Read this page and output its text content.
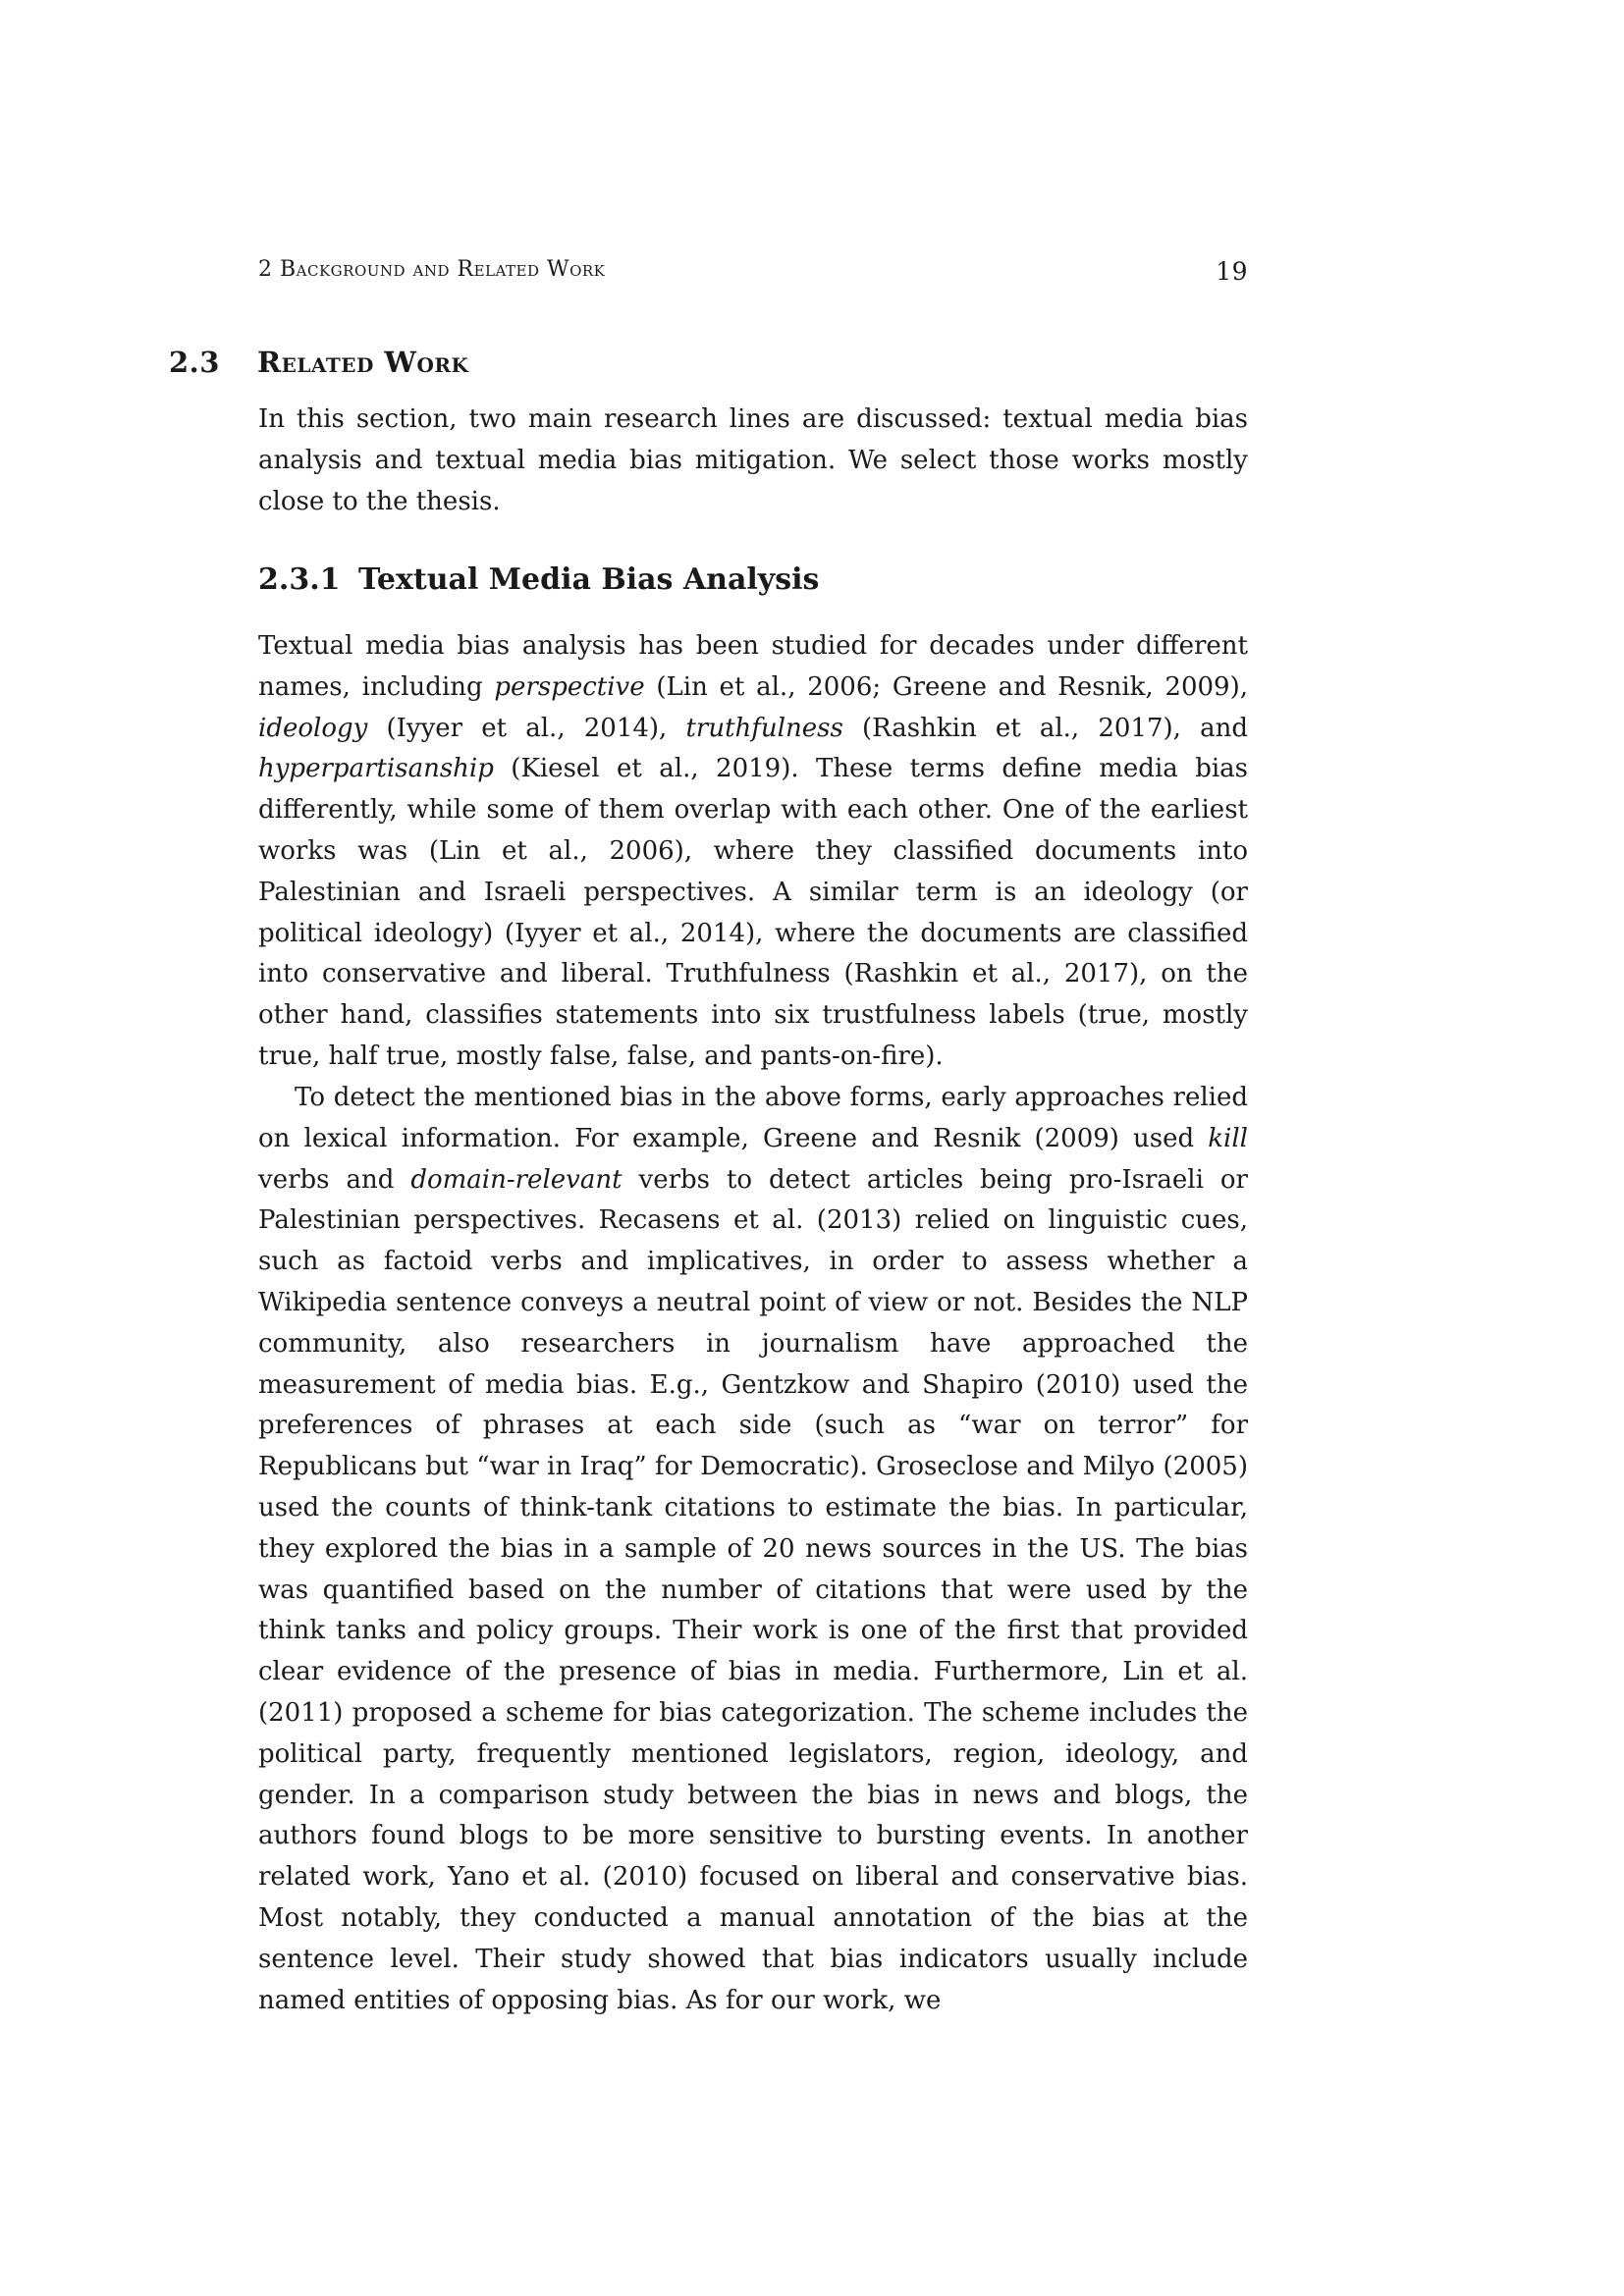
2 Background and Related Work	19
2.3 Related Work

In this section, two main research lines are discussed: textual media bias analysis and textual media bias mitigation. We select those works mostly close to the thesis.

2.3.1 Textual Media Bias Analysis

Textual media bias analysis has been studied for decades under different names, including perspective (Lin et al., 2006; Greene and Resnik, 2009), ideology (Iyyer et al., 2014), truthfulness (Rashkin et al., 2017), and hyperpartisanship (Kiesel et al., 2019). These terms define media bias differently, while some of them overlap with each other. One of the earliest works was (Lin et al., 2006), where they classified documents into Palestinian and Israeli perspectives. A similar term is an ideology (or political ideology) (Iyyer et al., 2014), where the documents are classified into conservative and liberal. Truthfulness (Rashkin et al., 2017), on the other hand, classifies statements into six trustfulness labels (true, mostly true, half true, mostly false, false, and pants-on-fire).

To detect the mentioned bias in the above forms, early approaches relied on lexical information. For example, Greene and Resnik (2009) used kill verbs and domain-relevant verbs to detect articles being pro-Israeli or Palestinian perspectives. Recasens et al. (2013) relied on linguistic cues, such as factoid verbs and implicatives, in order to assess whether a Wikipedia sentence conveys a neutral point of view or not. Besides the NLP community, also researchers in journalism have approached the measurement of media bias. E.g., Gentzkow and Shapiro (2010) used the preferences of phrases at each side (such as “war on terror” for Republicans but “war in Iraq” for Democratic). Groseclose and Milyo (2005) used the counts of think-tank citations to estimate the bias. In particular, they explored the bias in a sample of 20 news sources in the US. The bias was quantified based on the number of citations that were used by the think tanks and policy groups. Their work is one of the first that provided clear evidence of the presence of bias in media. Furthermore, Lin et al. (2011) proposed a scheme for bias categorization. The scheme includes the political party, frequently mentioned legislators, region, ideology, and gender. In a comparison study between the bias in news and blogs, the authors found blogs to be more sensitive to bursting events. In another related work, Yano et al. (2010) focused on liberal and conservative bias. Most notably, they conducted a manual annotation of the bias at the sentence level. Their study showed that bias indicators usually include named entities of opposing bias. As for our work, we
